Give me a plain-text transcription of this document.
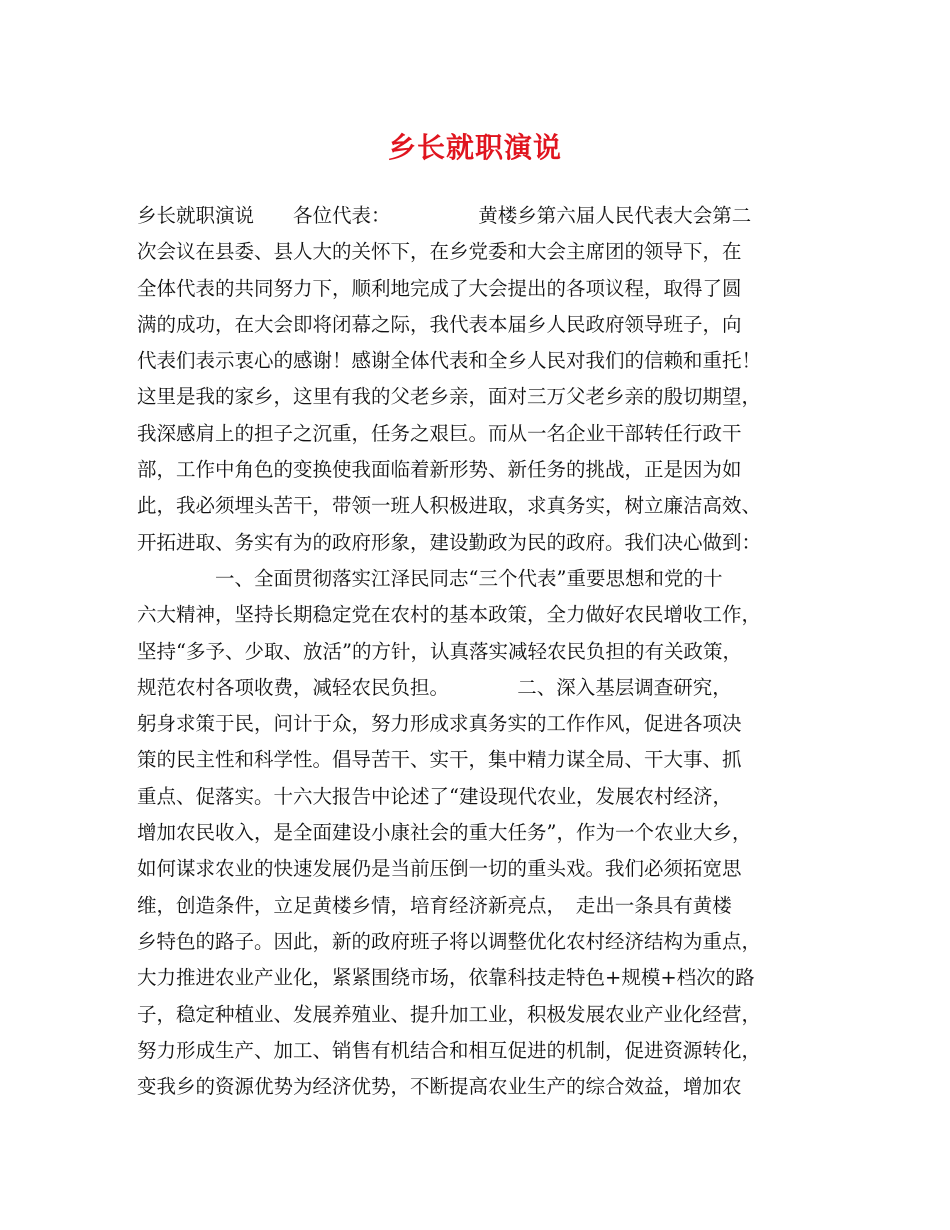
乡长就职演说
乡长就职演说　　各位代表：　　　　　黄楼乡第六届人民代表大会第二
次会议在县委、县人大的关怀下，在乡党委和大会主席团的领导下，在
全体代表的共同努力下，顺利地完成了大会提出的各项议程，取得了圆
满的成功，在大会即将闭幕之际，我代表本届乡人民政府领导班子，向
代表们表示衷心的感谢！感谢全体代表和全乡人民对我们的信赖和重托！
这里是我的家乡，这里有我的父老乡亲，面对三万父老乡亲的殷切期望，
我深感肩上的担子之沉重，任务之艰巨。而从一名企业干部转任行政干
部，工作中角色的变换使我面临着新形势、新任务的挑战，正是因为如
此，我必须埋头苦干，带领一班人积极进取，求真务实，树立廉洁高效、
开拓进取、务实有为的政府形象，建设勤政为民的政府。我们决心做到：
　　　　一、全面贯彻落实江泽民同志“三个代表”重要思想和党的十
六大精神，坚持长期稳定党在农村的基本政策，全力做好农民增收工作，
坚持“多予、少取、放活”的方针，认真落实减轻农民负担的有关政策，
规范农村各项收费，减轻农民负担。　　　　二、深入基层调查研究，
躬身求策于民，问计于众，努力形成求真务实的工作作风，促进各项决
策的民主性和科学性。倡导苦干、实干，集中精力谋全局、干大事、抓
重点、促落实。十六大报告中论述了“建设现代农业，发展农村经济，
增加农民收入，是全面建设小康社会的重大任务”，作为一个农业大乡，
如何谋求农业的快速发展仍是当前压倒一切的重头戏。我们必须拓宽思
维，创造条件，立足黄楼乡情，培育经济新亮点，　走出一条具有黄楼
乡特色的路子。因此，新的政府班子将以调整优化农村经济结构为重点，
大力推进农业产业化，紧紧围绕市场，依靠科技走特色+规模+档次的路
子，稳定种植业、发展养殖业、提升加工业，积极发展农业产业化经营，
努力形成生产、加工、销售有机结合和相互促进的机制，促进资源转化，
变我乡的资源优势为经济优势，不断提高农业生产的综合效益，增加农
